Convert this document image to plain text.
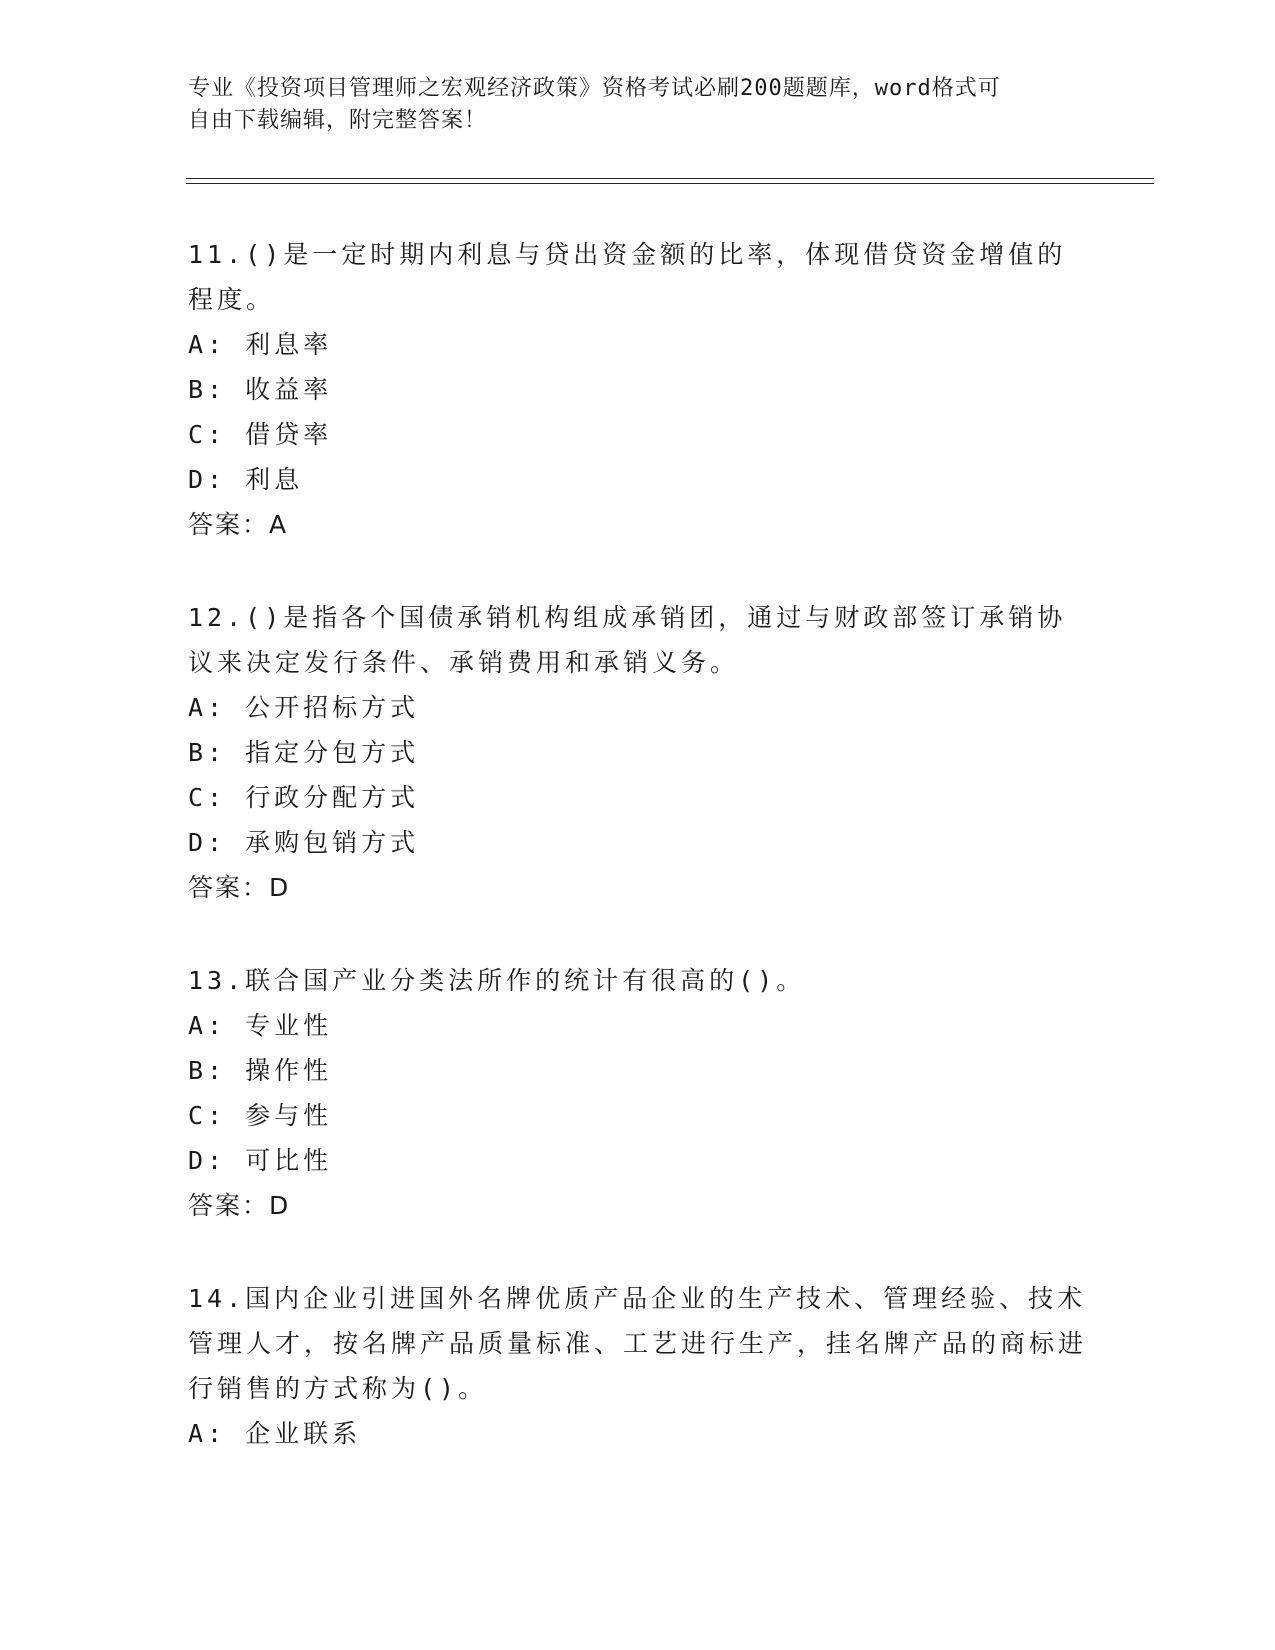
专业《投资项目管理师之宏观经济政策》资格考试必刷200题题库，word格式可
自由下载编辑，附完整答案！
11.()是一定时期内利息与贷出资金额的比率，体现借贷资金增值的程度。
A: 利息率
B: 收益率
C: 借贷率
D: 利息
答案：A
12.()是指各个国债承销机构组成承销团，通过与财政部签订承销协议来决定发行条件、承销费用和承销义务。
A: 公开招标方式
B: 指定分包方式
C: 行政分配方式
D: 承购包销方式
答案：D
13.联合国产业分类法所作的统计有很高的()。
A: 专业性
B: 操作性
C: 参与性
D: 可比性
答案：D
14.国内企业引进国外名牌优质产品企业的生产技术、管理经验、技术管理人才，按名牌产品质量标准、工艺进行生产，挂名牌产品的商标进行销售的方式称为()。
A: 企业联系
